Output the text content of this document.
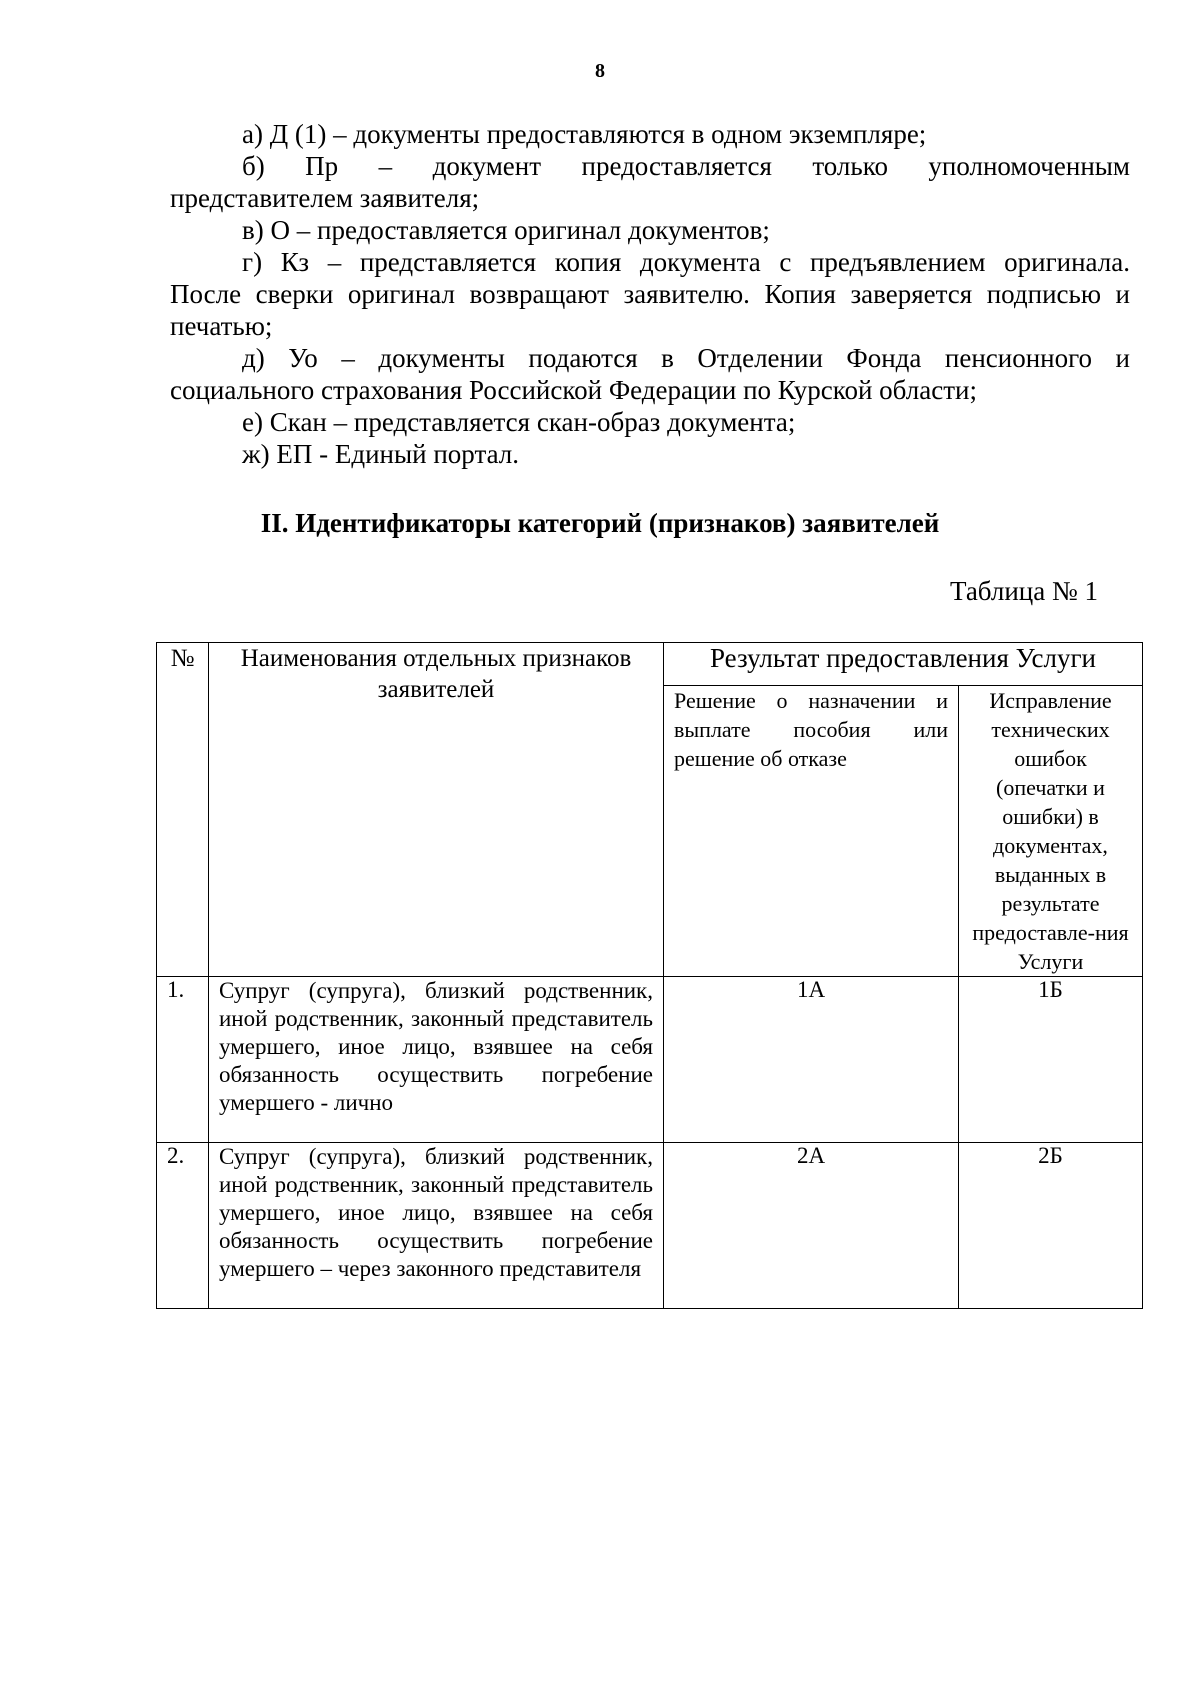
8

а) Д (1) – документы предоставляются в одном экземпляре;

б) Пр – документ предоставляется только уполномоченным

представителем заявителя;

в) О – предоставляется оригинал документов;

г) Кз – представляется копия документа с предъявлением оригинала.

После сверки оригинал возвращают заявителю. Копия заверяется подписью и

печатью;

д) Уо – документы подаются в Отделении Фонда пенсионного и

социального страхования Российской Федерации по Курской области;

е) Скан – представляется скан-образ документа;

ж) ЕП - Единый портал.

II. Идентификаторы категорий (признаков) заявителей
Таблица № 1
№	Наименования отдельных признаков заявителей	Результат предоставления Услуги	
		Решение о назначении и выплате пособия или решение об отказе	Исправление технических ошибок (опечатки и ошибки) в документах, выданных в результате предоставле-ния Услуги
1.	Супруг (супруга), близкий родственник, иной родственник, законный представитель умершего, иное лицо, взявшее на себя обязанность осуществить погребение умершего - лично	1А	1Б
2.	Супруг (супруга), близкий родственник, иной родственник, законный представитель умершего, иное лицо, взявшее на себя обязанность осуществить погребение умершего – через законного представителя	2А	2Б
